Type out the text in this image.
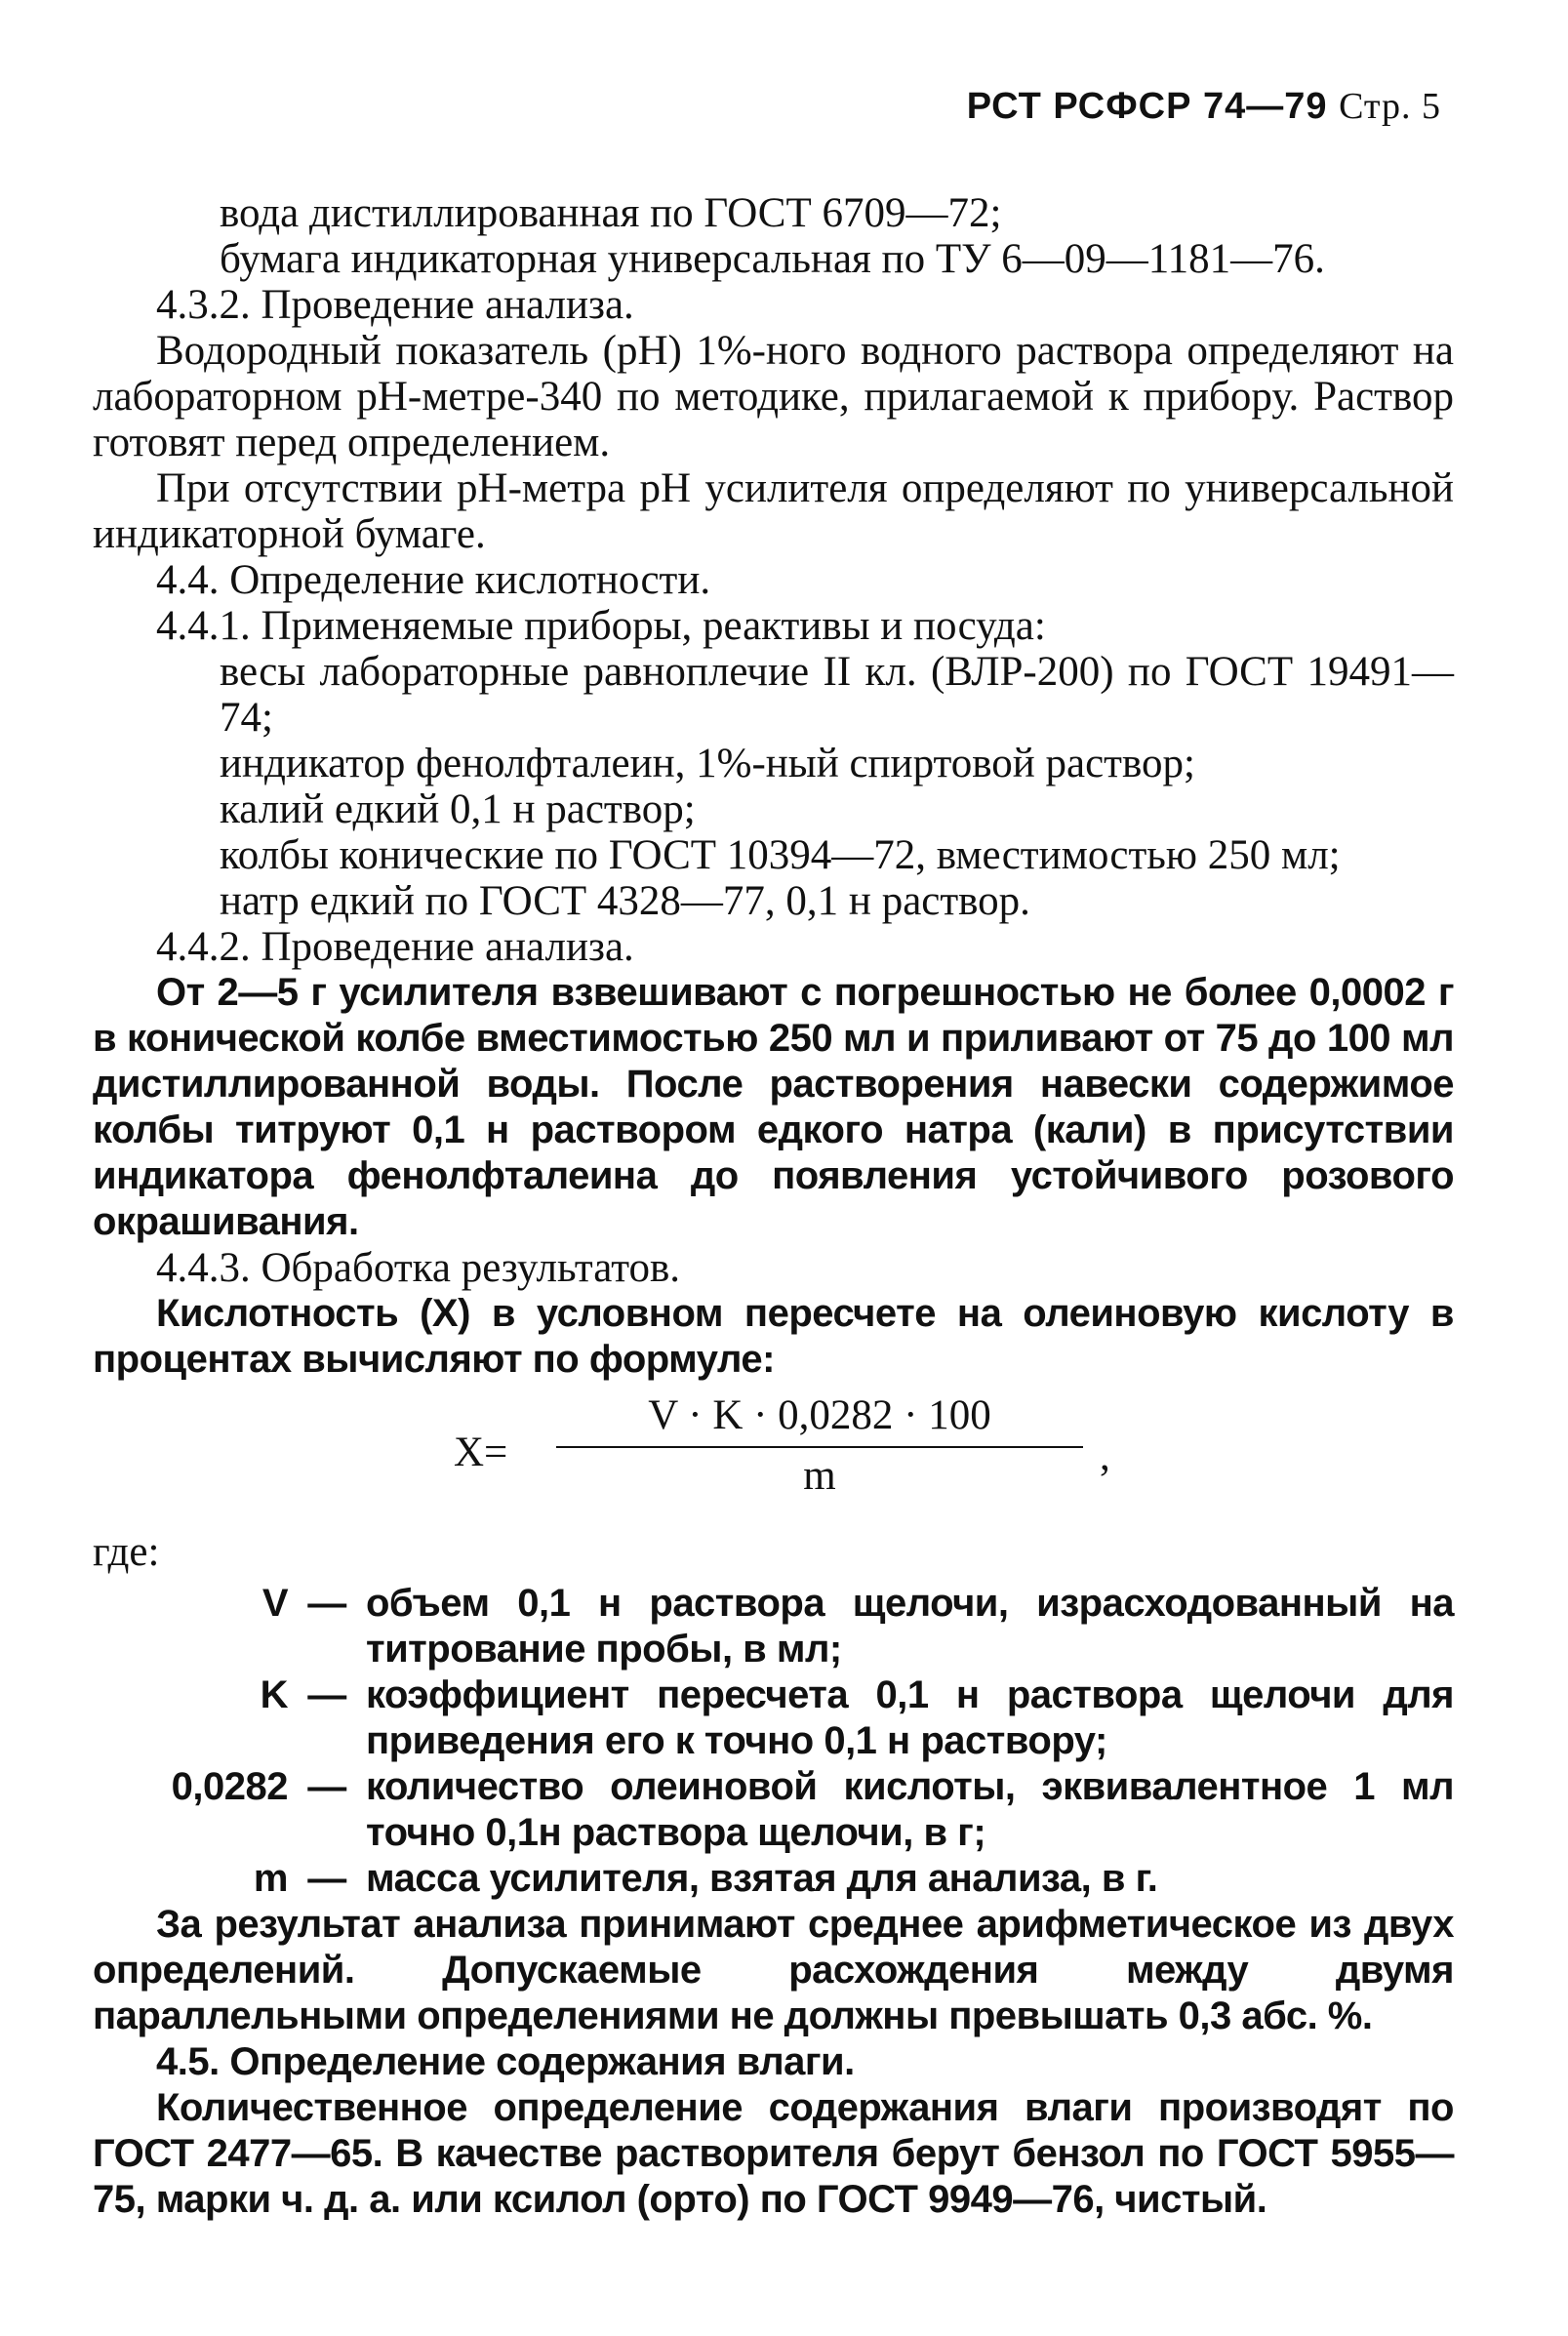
РСТ РСФСР 74—79 Стр. 5

вода дистиллированная по ГОСТ 6709—72;

бумага индикаторная универсальная по ТУ 6—09—1181—76.

4.3.2. Проведение анализа.

Водородный показатель (рН) 1%-ного водного раствора определяют на лабораторном рН-метре-340 по методике, прилагаемой к прибору. Раствор готовят перед определением.

При отсутствии рН-метра рН усилителя определяют по универсальной индикаторной бумаге.

4.4. Определение кислотности.

4.4.1. Применяемые приборы, реактивы и посуда:

весы лабораторные равноплечие II кл. (ВЛР-200) по ГОСТ 19491—74;

индикатор фенолфталеин, 1%-ный спиртовой раствор;

калий едкий 0,1 н раствор;

колбы конические по ГОСТ 10394—72, вместимостью 250 мл;

натр едкий по ГОСТ 4328—77, 0,1 н раствор.

4.4.2. Проведение анализа.

От 2—5 г усилителя взвешивают с погрешностью не более 0,0002 г в конической колбе вместимостью 250 мл и приливают от 75 до 100 мл дистиллированной воды. После растворения навески содержимое колбы титруют 0,1 н раствором едкого натра (кали) в присутствии индикатора фенолфталеина до появления устойчивого розового окрашивания.

4.4.3. Обработка результатов.

Кислотность (X) в условном пересчете на олеиновую кислоту в процентах вычисляют по формуле:

X=
V · K · 0,0282 · 100
m	,

где:

V — объем 0,1 н раствора щелочи, израсходованный на титрование пробы, в мл;
K — коэффициент пересчета 0,1 н раствора щелочи для приведения его к точно 0,1 н раствору;
0,0282 — количество олеиновой кислоты, эквивалентное 1 мл точно 0,1н раствора щелочи, в г;
m — масса усилителя, взятая для анализа, в г.

За результат анализа принимают среднее арифметическое из двух определений. Допускаемые расхождения между двумя параллельными определениями не должны превышать 0,3 абс. %.

4.5. Определение содержания влаги.

Количественное определение содержания влаги производят по ГОСТ 2477—65. В качестве растворителя берут бензол по ГОСТ 5955—75, марки ч. д. а. или ксилол (орто) по ГОСТ 9949—76, чистый.
